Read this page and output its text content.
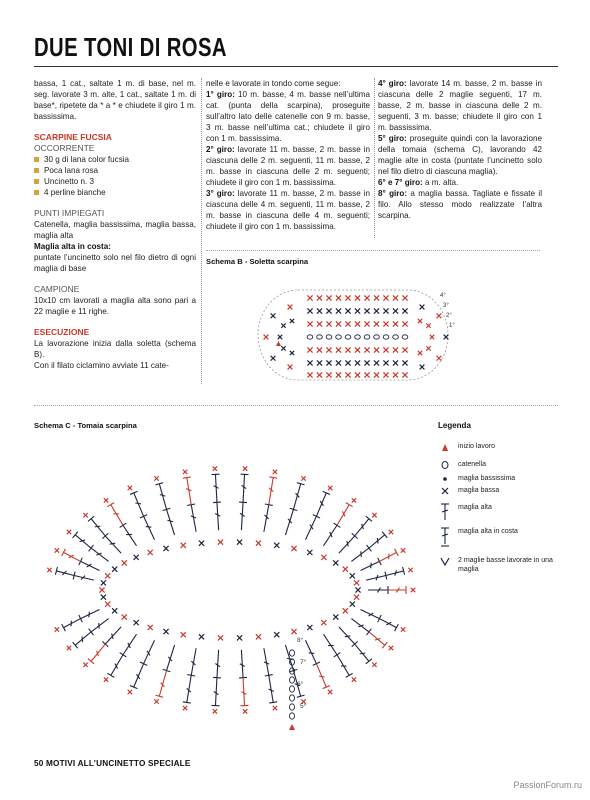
DUE TONI DI ROSA

bassa, 1 cat., saltate 1 m. di base, nel m. seg. lavorate 3 m. alte, 1 cat., saltate 1 m. di base*, ripetete da * a * e chiudete il giro 1 m. bassissima.

SCARPINE FUCSIA
OCCORRENTE
30 g di lana color fucsia
Poca lana rosa
Uncinetto n. 3
4 perline bianche
PUNTI IMPIEGATI

Catenella, maglia bassissima, maglia bassa, maglia alta

Maglia alta in costa:

puntate l’uncinetto solo nel filo dietro di ogni maglia di base

CAMPIONE

10x10 cm lavorati a maglia alta sono pari a 22 maglie e 11 righe.

ESECUZIONE

La lavorazione inizia dalla soletta (schema B).

Con il filato ciclamino avviate 11 cate-

nelle e lavorate in tondo come segue:

1° giro: 10 m. basse, 4 m. basse nell’ultima cat. (punta della scarpina), proseguite sull’altro lato delle catenelle con 9 m. basse, 3 m. basse nell’ultima cat.; chiudete il giro con 1 m. bassissima.

2° giro: lavorate 11 m. basse, 2 m. basse in ciascuna delle 2 m. seguenti, 11 m. basse, 2 m. basse in ciascuna delle 2 m. seguenti; chiudete il giro con 1 m. bassissima.

3° giro: lavorate 11 m. basse, 2 m. basse in ciascuna delle 4 m. seguenti, 11 m. basse, 2 m. basse in ciascuna delle 4 m. seguenti; chiudete il giro con 1 m. bassissima.

4° giro: lavorate 14 m. basse, 2 m. basse in ciascuna delle 2 maglie seguenti, 17 m. basse, 2 m. basse in ciascuna delle 2 m. seguenti, 3 m. basse; chiudete il giro con 1 m. bassissima.

5° giro: proseguite quindi con la lavorazione della tomaia (schema C), lavorando 42 maglie alte in costa (puntate l’uncinetto solo nel filo dietro di ciascuna maglia).

6° e 7° giro: a m. alta.

8° giro: a maglia bassa. Tagliate e fissate il filo. Allo stesso modo realizzate l’altra scarpina.

Schema B - Soletta scarpina
4°
3°
2°
1°
Schema C - Tomaia scarpina
8°
7°
6°
5°
Legenda
inizio lavoro
catenella
maglia bassissima
maglia bassa
maglia alta
maglia alta in costa
2 maglie basse lavorate in una maglia
50 MOTIVI ALL’UNCINETTO SPECIALE
PassionForum.ru
